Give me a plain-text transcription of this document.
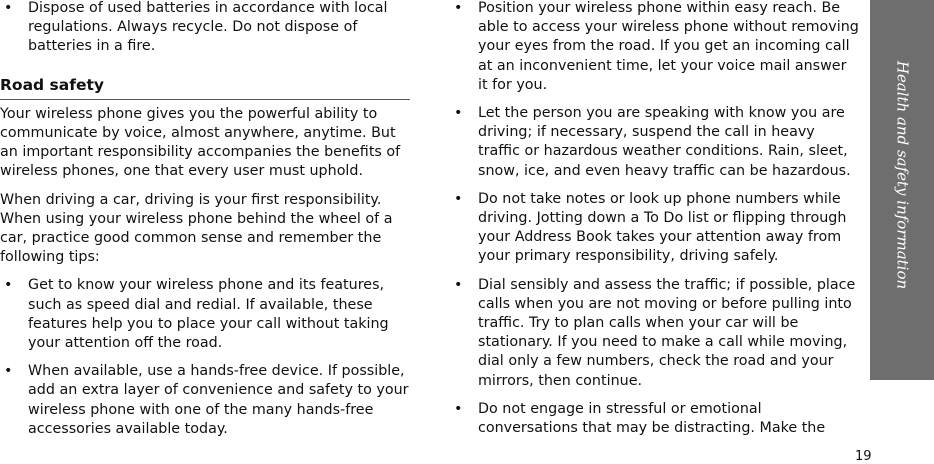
• Dispose of used batteries in accordance with local regulations. Always recycle. Do not dispose of batteries in a fire.
Road safety

Your wireless phone gives you the powerful ability to communicate by voice, almost anywhere, anytime. But an important responsibility accompanies the benefits of wireless phones, one that every user must uphold.

When driving a car, driving is your first responsibility. When using your wireless phone behind the wheel of a car, practice good common sense and remember the following tips:

• Get to know your wireless phone and its features, such as speed dial and redial. If available, these features help you to place your call without taking your attention off the road.
• When available, use a hands-free device. If possible, add an extra layer of convenience and safety to your wireless phone with one of the many hands-free accessories available today.
• Position your wireless phone within easy reach. Be able to access your wireless phone without removing your eyes from the road. If you get an incoming call at an inconvenient time, let your voice mail answer it for you.
• Let the person you are speaking with know you are driving; if necessary, suspend the call in heavy traffic or hazardous weather conditions. Rain, sleet, snow, ice, and even heavy traffic can be hazardous.
• Do not take notes or look up phone numbers while driving. Jotting down a To Do list or flipping through your Address Book takes your attention away from your primary responsibility, driving safely.
• Dial sensibly and assess the traffic; if possible, place calls when you are not moving or before pulling into traffic. Try to plan calls when your car will be stationary. If you need to make a call while moving, dial only a few numbers, check the road and your mirrors, then continue.
• Do not engage in stressful or emotional conversations that may be distracting. Make the
Health and safety information
19
